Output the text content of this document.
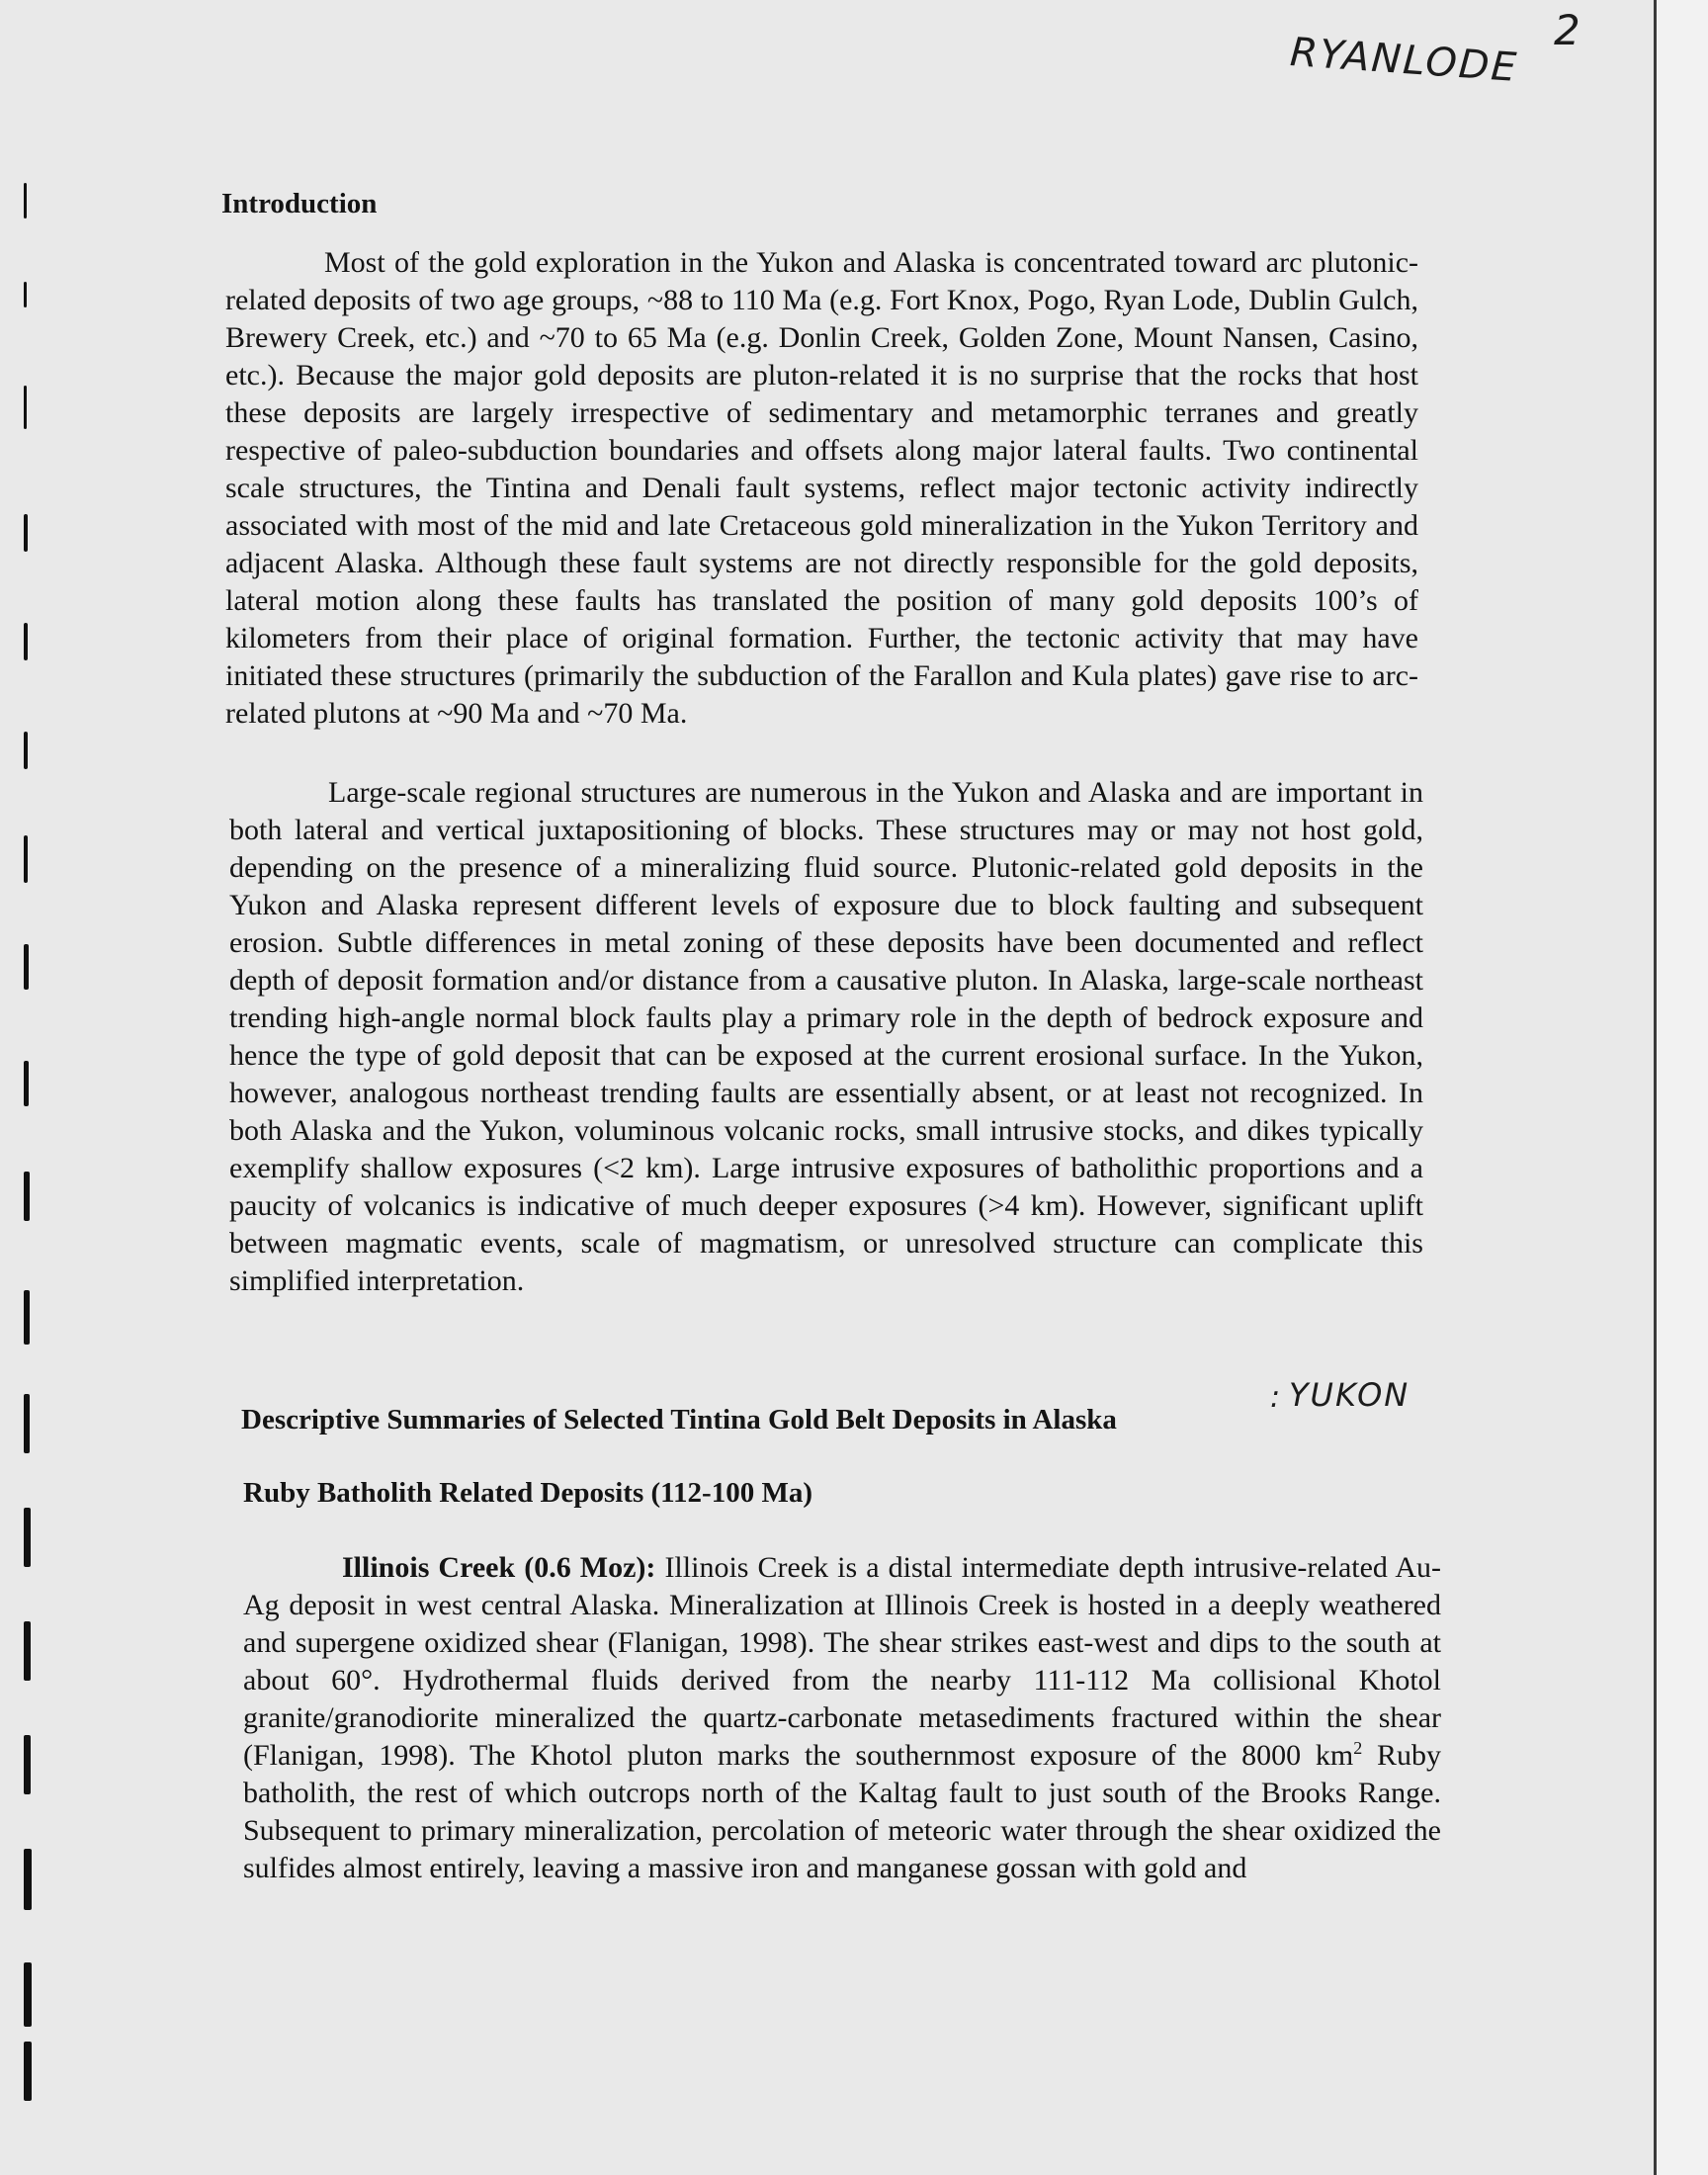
2
RYANLODE
Introduction
Most of the gold exploration in the Yukon and Alaska is concentrated toward arc plutonic-related deposits of two age groups, ~88 to 110 Ma (e.g. Fort Knox, Pogo, Ryan Lode, Dublin Gulch, Brewery Creek, etc.) and ~70 to 65 Ma (e.g. Donlin Creek, Golden Zone, Mount Nansen, Casino, etc.). Because the major gold deposits are pluton-related it is no surprise that the rocks that host these deposits are largely irrespective of sedimentary and metamorphic terranes and greatly respective of paleo-subduction boundaries and offsets along major lateral faults. Two continental scale structures, the Tintina and Denali fault systems, reflect major tectonic activity indirectly associated with most of the mid and late Cretaceous gold mineralization in the Yukon Territory and adjacent Alaska. Although these fault systems are not directly responsible for the gold deposits, lateral motion along these faults has translated the position of many gold deposits 100’s of kilometers from their place of original formation. Further, the tectonic activity that may have initiated these structures (primarily the subduction of the Farallon and Kula plates) gave rise to arc-related plutons at ~90 Ma and ~70 Ma.
Large-scale regional structures are numerous in the Yukon and Alaska and are important in both lateral and vertical juxtapositioning of blocks. These structures may or may not host gold, depending on the presence of a mineralizing fluid source. Plutonic-related gold deposits in the Yukon and Alaska represent different levels of exposure due to block faulting and subsequent erosion. Subtle differences in metal zoning of these deposits have been documented and reflect depth of deposit formation and/or distance from a causative pluton. In Alaska, large-scale northeast trending high-angle normal block faults play a primary role in the depth of bedrock exposure and hence the type of gold deposit that can be exposed at the current erosional surface. In the Yukon, however, analogous northeast trending faults are essentially absent, or at least not recognized. In both Alaska and the Yukon, voluminous volcanic rocks, small intrusive stocks, and dikes typically exemplify shallow exposures (<2 km). Large intrusive exposures of batholithic proportions and a paucity of volcanics is indicative of much deeper exposures (>4 km). However, significant uplift between magmatic events, scale of magmatism, or unresolved structure can complicate this simplified interpretation.
Descriptive Summaries of Selected Tintina Gold Belt Deposits in Alaska
: YUKON
Ruby Batholith Related Deposits (112-100 Ma)
Illinois Creek (0.6 Moz): Illinois Creek is a distal intermediate depth intrusive-related Au-Ag deposit in west central Alaska. Mineralization at Illinois Creek is hosted in a deeply weathered and supergene oxidized shear (Flanigan, 1998). The shear strikes east-west and dips to the south at about 60°. Hydrothermal fluids derived from the nearby 111-112 Ma collisional Khotol granite/granodiorite mineralized the quartz-carbonate metasediments fractured within the shear (Flanigan, 1998). The Khotol pluton marks the southernmost exposure of the 8000 $km^2$ Ruby batholith, the rest of which outcrops north of the Kaltag fault to just south of the Brooks Range. Subsequent to primary mineralization, percolation of meteoric water through the shear oxidized the sulfides almost entirely, leaving a massive iron and manganese gossan with gold and
